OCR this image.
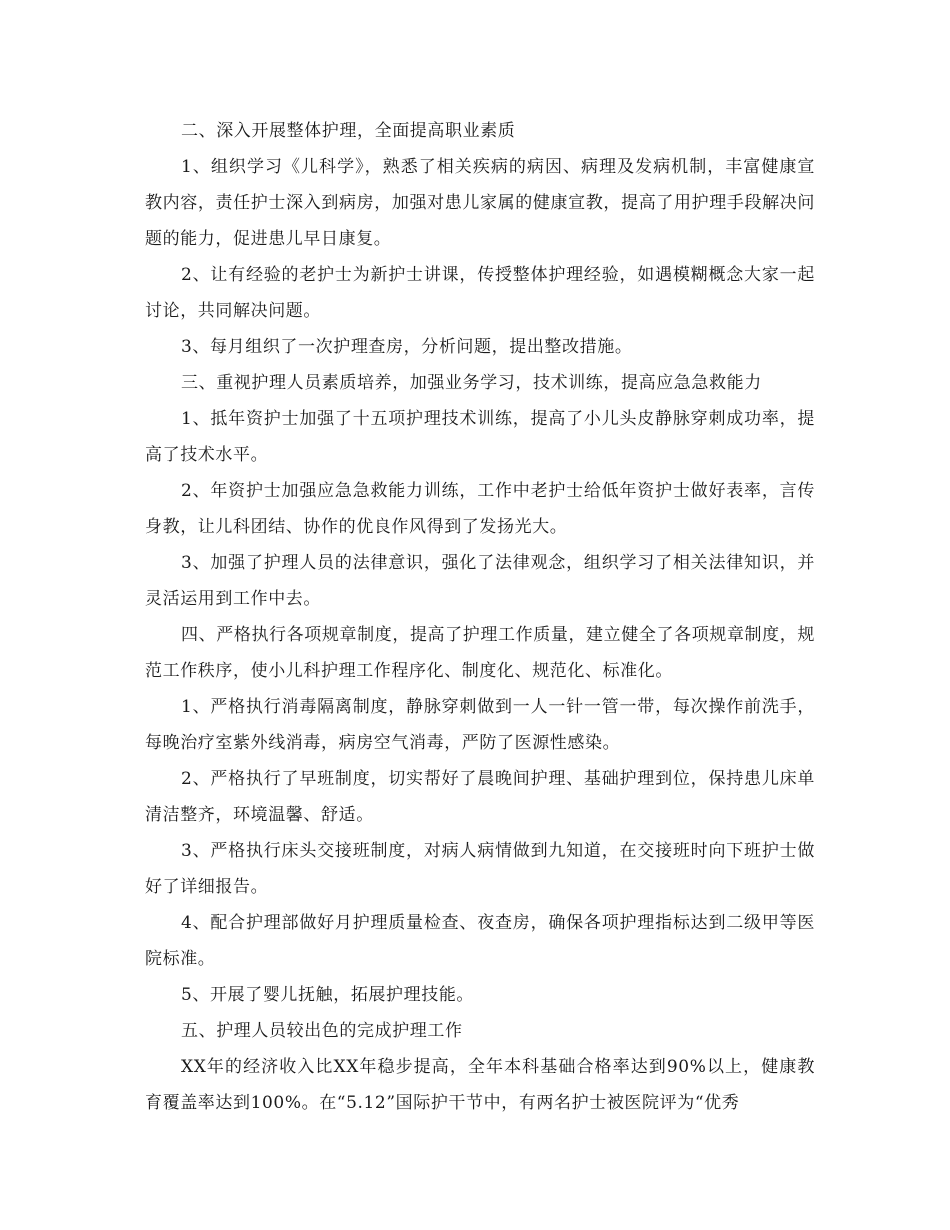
二、深入开展整体护理，全面提高职业素质

1、组织学习《儿科学》，熟悉了相关疾病的病因、病理及发病机制，丰富健康宣教内容，责任护士深入到病房，加强对患儿家属的健康宣教，提高了用护理手段解决问题的能力，促进患儿早日康复。

2、让有经验的老护士为新护士讲课，传授整体护理经验，如遇模糊概念大家一起讨论，共同解决问题。

3、每月组织了一次护理查房，分析问题，提出整改措施。

三、重视护理人员素质培养，加强业务学习，技术训练，提高应急急救能力

1、抵年资护士加强了十五项护理技术训练，提高了小儿头皮静脉穿刺成功率，提高了技术水平。

2、年资护士加强应急急救能力训练，工作中老护士给低年资护士做好表率，言传身教，让儿科团结、协作的优良作风得到了发扬光大。

3、加强了护理人员的法律意识，强化了法律观念，组织学习了相关法律知识，并灵活运用到工作中去。

四、严格执行各项规章制度，提高了护理工作质量，建立健全了各项规章制度，规范工作秩序，使小儿科护理工作程序化、制度化、规范化、标准化。

1、严格执行消毒隔离制度，静脉穿刺做到一人一针一管一带，每次操作前洗手，每晚治疗室紫外线消毒，病房空气消毒，严防了医源性感染。

2、严格执行了早班制度，切实帮好了晨晚间护理、基础护理到位，保持患儿床单清洁整齐，环境温馨、舒适。

3、严格执行床头交接班制度，对病人病情做到九知道，在交接班时向下班护士做好了详细报告。

4、配合护理部做好月护理质量检查、夜查房，确保各项护理指标达到二级甲等医院标准。

5、开展了婴儿抚触，拓展护理技能。

五、护理人员较出色的完成护理工作

XX年的经济收入比XX年稳步提高，全年本科基础合格率达到90%以上，健康教育覆盖率达到100%。在“5.12”国际护干节中，有两名护士被医院评为“优秀
